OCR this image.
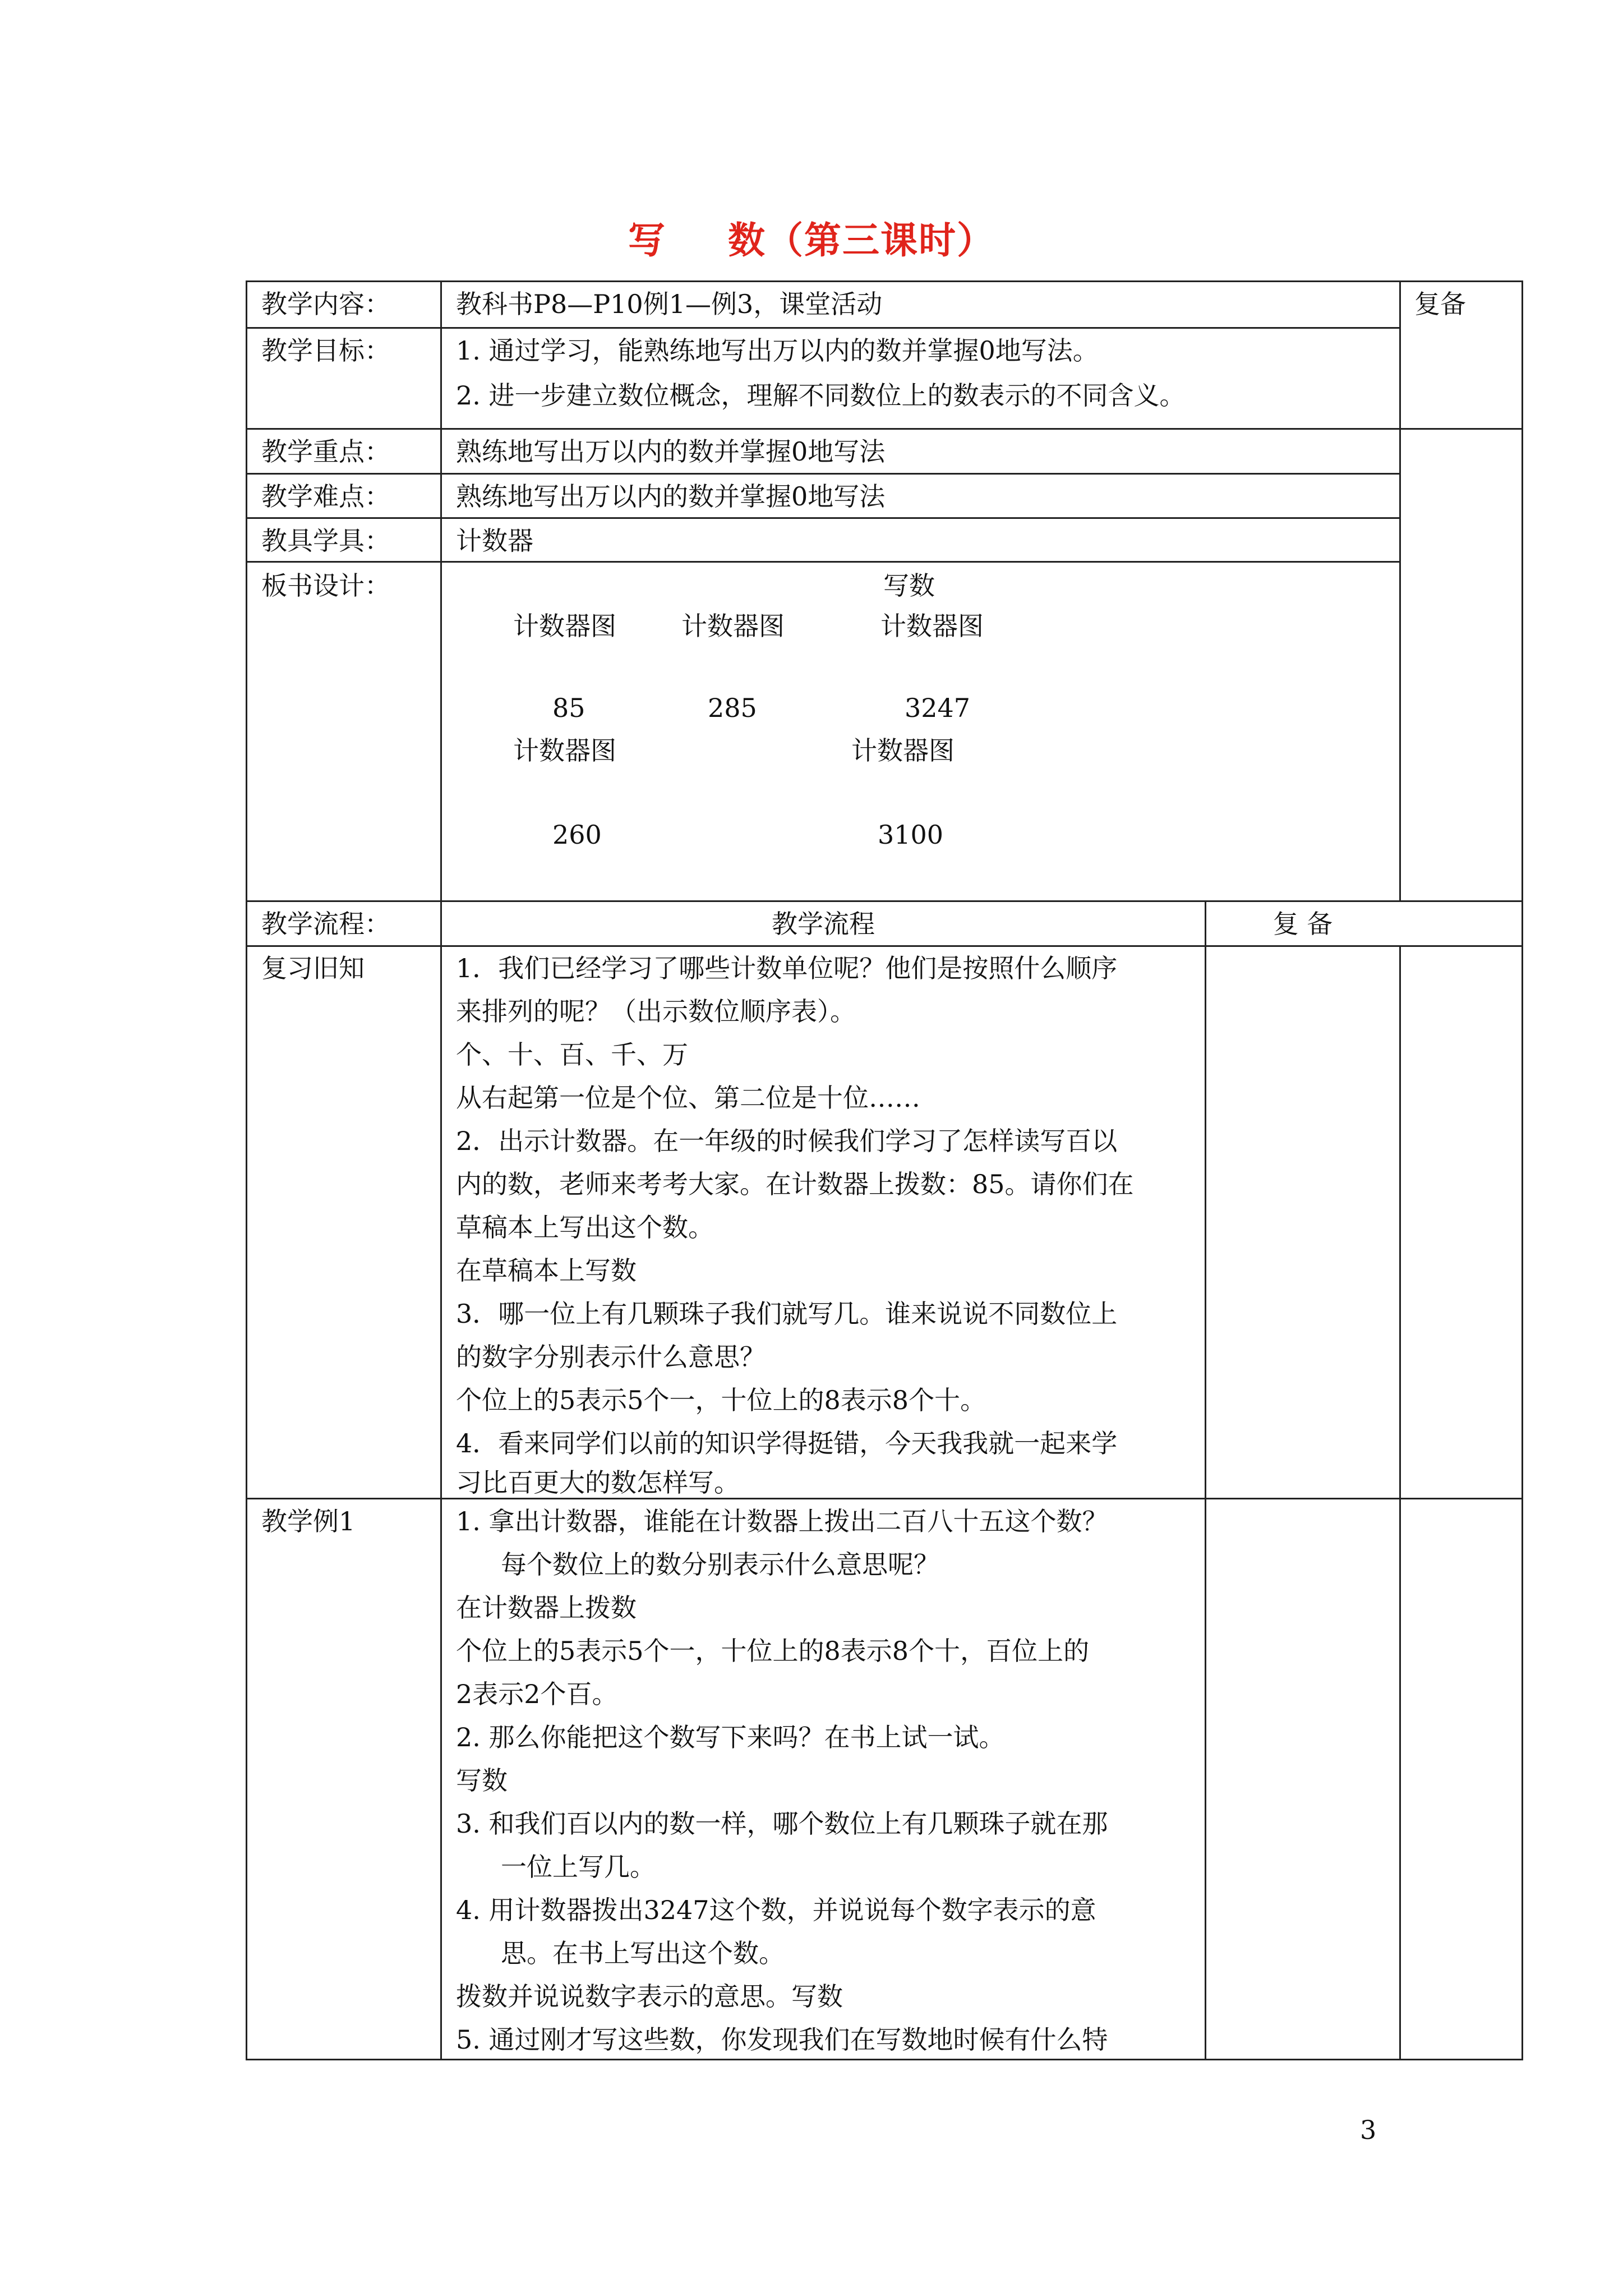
写 数（第三课时）
教学内容：	教科书P8—P10例1—例3，课堂活动	复备
教学目标：	1. 通过学习，能熟练地写出万以内的数并掌握0地写法。
2. 进一步建立数位概念，理解不同数位上的数表示的不同含义。
教学重点：	熟练地写出万以内的数并掌握0地写法
教学难点：	熟练地写出万以内的数并掌握0地写法
教具学具：	计数器
板书设计：	写数
计数器图	计数器图	计数器图
85	285	3247
计数器图	计数器图
260	3100
教学流程：	教学流程	复 备
复习旧知	1．我们已经学习了哪些计数单位呢？他们是按照什么顺序
来排列的呢？（出示数位顺序表）。
个、十、百、千、万
从右起第一位是个位、第二位是十位……
2．出示计数器。在一年级的时候我们学习了怎样读写百以
内的数，老师来考考大家。在计数器上拨数：85。请你们在
草稿本上写出这个数。
在草稿本上写数
3．哪一位上有几颗珠子我们就写几。谁来说说不同数位上
的数字分别表示什么意思？
个位上的5表示5个一，十位上的8表示8个十。
4．看来同学们以前的知识学得挺错，今天我我就一起来学
习比百更大的数怎样写。
教学例1	1. 拿出计数器，谁能在计数器上拨出二百八十五这个数？
每个数位上的数分别表示什么意思呢？
在计数器上拨数
个位上的5表示5个一，十位上的8表示8个十，百位上的
2表示2个百。
2. 那么你能把这个数写下来吗？在书上试一试。
写数
3. 和我们百以内的数一样，哪个数位上有几颗珠子就在那
一位上写几。
4. 用计数器拨出3247这个数，并说说每个数字表示的意
思。在书上写出这个数。
拨数并说说数字表示的意思。写数
5. 通过刚才写这些数，你发现我们在写数地时候有什么特
3
